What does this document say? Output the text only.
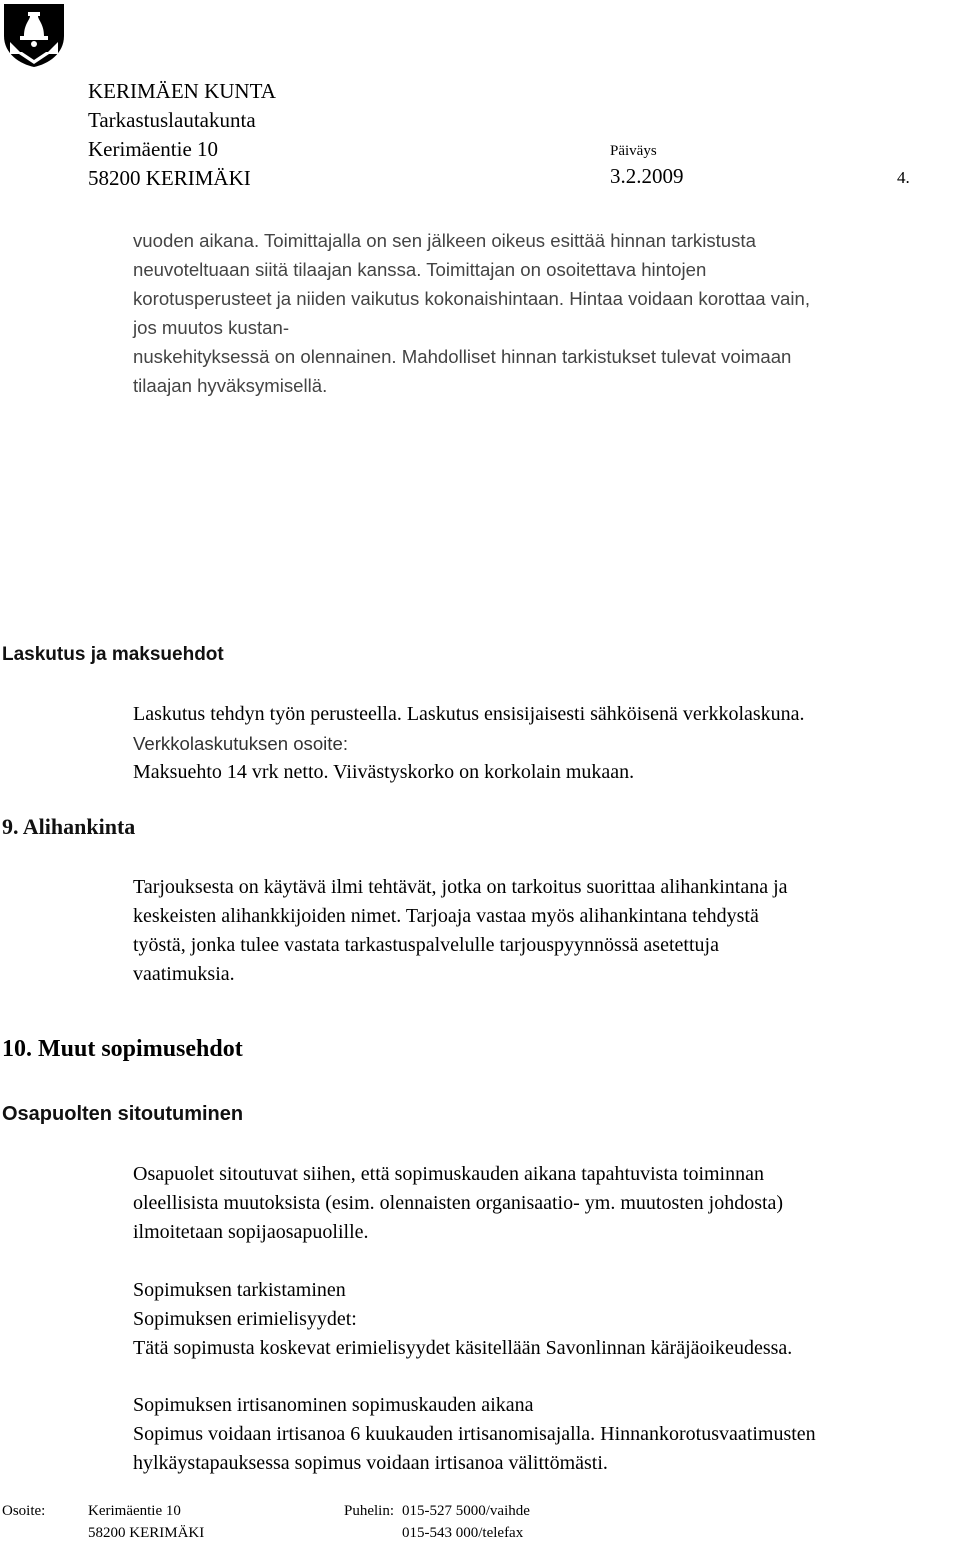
KERIMÄEN KUNTA
Tarkastuslautakunta
Kerimäentie 10
58200 KERIMÄKI
Päiväys
3.2.2009	4.
vuoden aikana. Toimittajalla on sen jälkeen oikeus esittää hinnan tarkistusta
neuvoteltuaan siitä tilaajan kanssa. Toimittajan on osoitettava hintojen
korotusperusteet ja niiden vaikutus kokonaishintaan. Hintaa voidaan korottaa vain,
jos muutos kustan-
nuskehityksessä on olennainen. Mahdolliset hinnan tarkistukset tulevat voimaan
tilaajan hyväksymisellä.
Laskutus ja maksuehdot
Laskutus tehdyn työn perusteella. Laskutus ensisijaisesti sähköisenä verkkolaskuna.
Verkkolaskutuksen osoite:
Maksuehto 14 vrk netto. Viivästyskorko on korkolain mukaan.
9. Alihankinta
Tarjouksesta on käytävä ilmi tehtävät, jotka on tarkoitus suorittaa alihankintana ja
keskeisten alihankkijoiden nimet. Tarjoaja vastaa myös alihankintana tehdystä
työstä, jonka tulee vastata tarkastuspalvelulle tarjouspyynnössä asetettuja
vaatimuksia.
10. Muut sopimusehdot
Osapuolten sitoutuminen
Osapuolet sitoutuvat siihen, että sopimuskauden aikana tapahtuvista toiminnan
oleellisista muutoksista (esim. olennaisten organisaatio- ym. muutosten johdosta)
ilmoitetaan sopijaosapuolille.
Sopimuksen tarkistaminen
Sopimuksen erimielisyydet:
Tätä sopimusta koskevat erimielisyydet käsitellään Savonlinnan käräjäoikeudessa.
Sopimuksen irtisanominen sopimuskauden aikana
Sopimus voidaan irtisanoa 6 kuukauden irtisanomisajalla. Hinnankorotusvaatimusten
hylkäystapauksessa sopimus voidaan irtisanoa välittömästi.
Osoite:	Kerimäentie 10
58200 KERIMÄKI
Puhelin: 015-527 5000/vaihde
015-543 000/telefax
